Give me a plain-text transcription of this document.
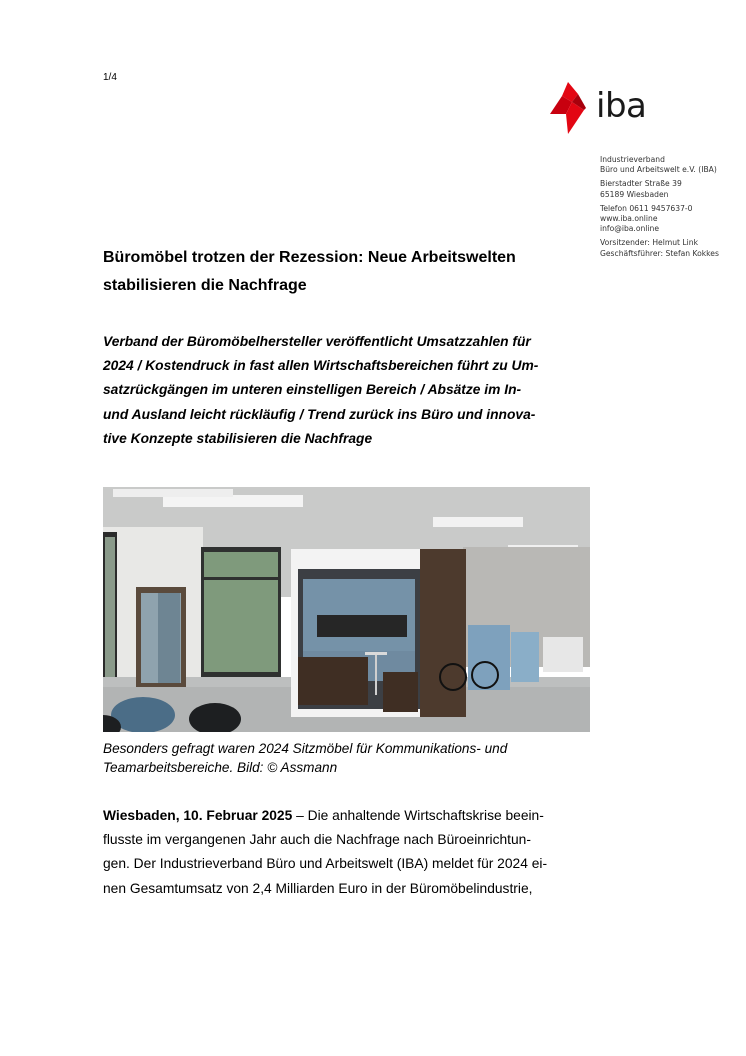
1/4
iba
Industrieverband
Büro und Arbeitswelt e.V. (IBA)
Bierstadter Straße 39
65189 Wiesbaden
Telefon 0611 9457637-0
www.iba.online
info@iba.online
Vorsitzender: Helmut Link
Geschäftsführer: Stefan Kokkes
Büromöbel trotzen der Rezession: Neue Arbeitswelten
stabilisieren die Nachfrage
Verband der Büromöbelhersteller veröffentlicht Umsatzzahlen für
2024 / Kostendruck in fast allen Wirtschaftsbereichen führt zu Um-
satzrückgängen im unteren einstelligen Bereich / Absätze im In-
und Ausland leicht rückläufig / Trend zurück ins Büro und innova-
tive Konzepte stabilisieren die Nachfrage
Besonders gefragt waren 2024 Sitzmöbel für Kommunikations- und
Teamarbeitsbereiche. Bild: © Assmann
Wiesbaden, 10. Februar 2025 – Die anhaltende Wirtschaftskrise beein-
flusste im vergangenen Jahr auch die Nachfrage nach Büroeinrichtun-
gen. Der Industrieverband Büro und Arbeitswelt (IBA) meldet für 2024 ei-
nen Gesamtumsatz von 2,4 Milliarden Euro in der Büromöbelindustrie,
